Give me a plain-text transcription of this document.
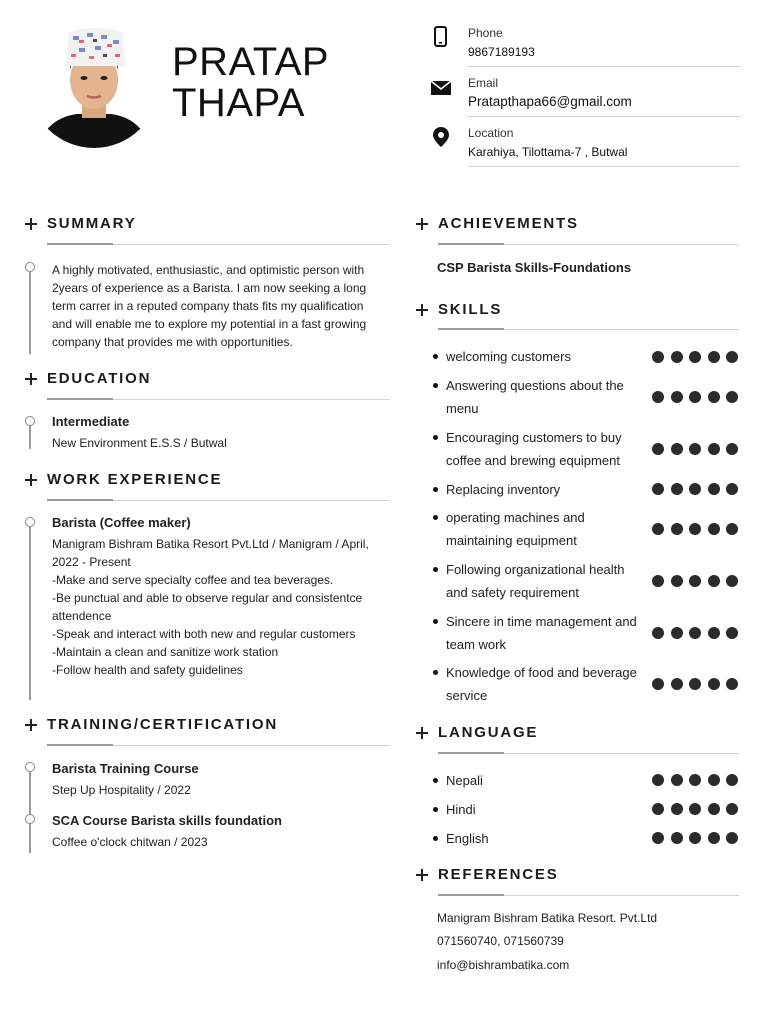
PRATAP
THAPA
Phone
9867189193
Email
Pratapthapa66@gmail.com
Location
Karahiya, Tilottama-7 , Butwal
SUMMARY
A highly motivated, enthusiastic, and optimistic person with
2years of experience as a Barista. I am now seeking a long
term carrer in a reputed company thats fits my qualification
and will enable me to explore my potential in a fast growing
company that provides me with opportunities.
EDUCATION
Intermediate
New Environment E.S.S / Butwal
WORK EXPERIENCE
Barista (Coffee maker)
Manigram Bishram Batika Resort Pvt.Ltd / Manigram / April,
2022 - Present
-Make and serve specialty coffee and tea beverages.
-Be punctual and able to observe regular and consistentce
attendence
-Speak and interact with both new and regular customers
-Maintain a clean and sanitize work station
-Follow health and safety guidelines
TRAINING/CERTIFICATION
Barista Training Course
Step Up Hospitality / 2022
SCA Course Barista skills foundation
Coffee o'clock chitwan / 2023
ACHIEVEMENTS
CSP Barista Skills-Foundations
SKILLS
welcoming customers
Answering questions about the
menu
Encouraging customers to buy
coffee and brewing equipment
Replacing inventory
operating machines and
maintaining equipment
Following organizational health
and safety requirement
Sincere in time management and
team work
Knowledge of food and beverage
service
LANGUAGE
Nepali
Hindi
English
REFERENCES
Manigram Bishram Batika Resort. Pvt.Ltd
071560740, 071560739
info@bishrambatika.com
